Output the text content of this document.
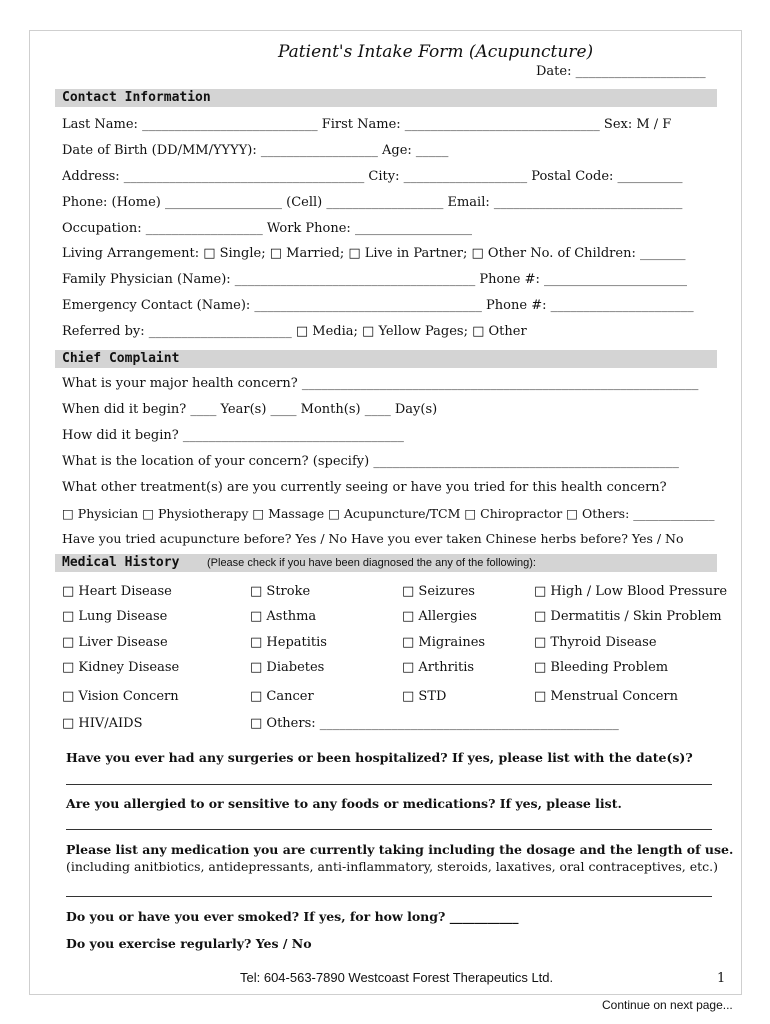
Patient's Intake Form (Acupuncture)
Date: ____________________
Contact Information
Last Name: ___________________________ First Name: ______________________________ Sex: M / F
Date of Birth (DD/MM/YYYY): __________________ Age: _____
Address: _____________________________________ City: ___________________ Postal Code: __________
Phone: (Home) __________________ (Cell) __________________ Email: _____________________________
Occupation: __________________ Work Phone: __________________
Living Arrangement: □ Single; □ Married; □ Live in Partner; □ Other No. of Children: _______
Family Physician (Name): _____________________________________ Phone #: ______________________
Emergency Contact (Name): ___________________________________ Phone #: ______________________
Referred by: ______________________ □ Media; □ Yellow Pages; □ Other
Chief Complaint
What is your major health concern? _____________________________________________________________
When did it begin? ____ Year(s) ____ Month(s) ____ Day(s)
How did it begin? __________________________________
What is the location of your concern? (specify) _______________________________________________
What other treatment(s) are you currently seeing or have you tried for this health concern?
□ Physician □ Physiotherapy □ Massage □ Acupuncture/TCM □ Chiropractor □ Others: _____________
Have you tried acupuncture before? Yes / No Have you ever taken Chinese herbs before? Yes / No
Medical History	(Please check if you have been diagnosed the any of the following):
□ Heart Disease	□ Stroke	□ Seizures	□ High / Low Blood Pressure
□ Lung Disease	□ Asthma	□ Allergies	□ Dermatitis / Skin Problem
□ Liver Disease	□ Hepatitis	□ Migraines	□ Thyroid Disease
□ Kidney Disease	□ Diabetes	□ Arthritis	□ Bleeding Problem
□ Vision Concern	□ Cancer	□ STD	□ Menstrual Concern
□ HIV/AIDS	□ Others: ______________________________________________
Have you ever had any surgeries or been hospitalized? If yes, please list with the date(s)?
Are you allergied to or sensitive to any foods or medications? If yes, please list.
Please list any medication you are currently taking including the dosage and the length of use.
(including anitbiotics, antidepressants, anti-inflammatory, steroids, laxatives, oral contraceptives, etc.)
Do you or have you ever smoked? If yes, for how long? ___________
Do you exercise regularly? Yes / No
Tel: 604-563-7890 Westcoast Forest Therapeutics Ltd.	1
Continue on next page...
